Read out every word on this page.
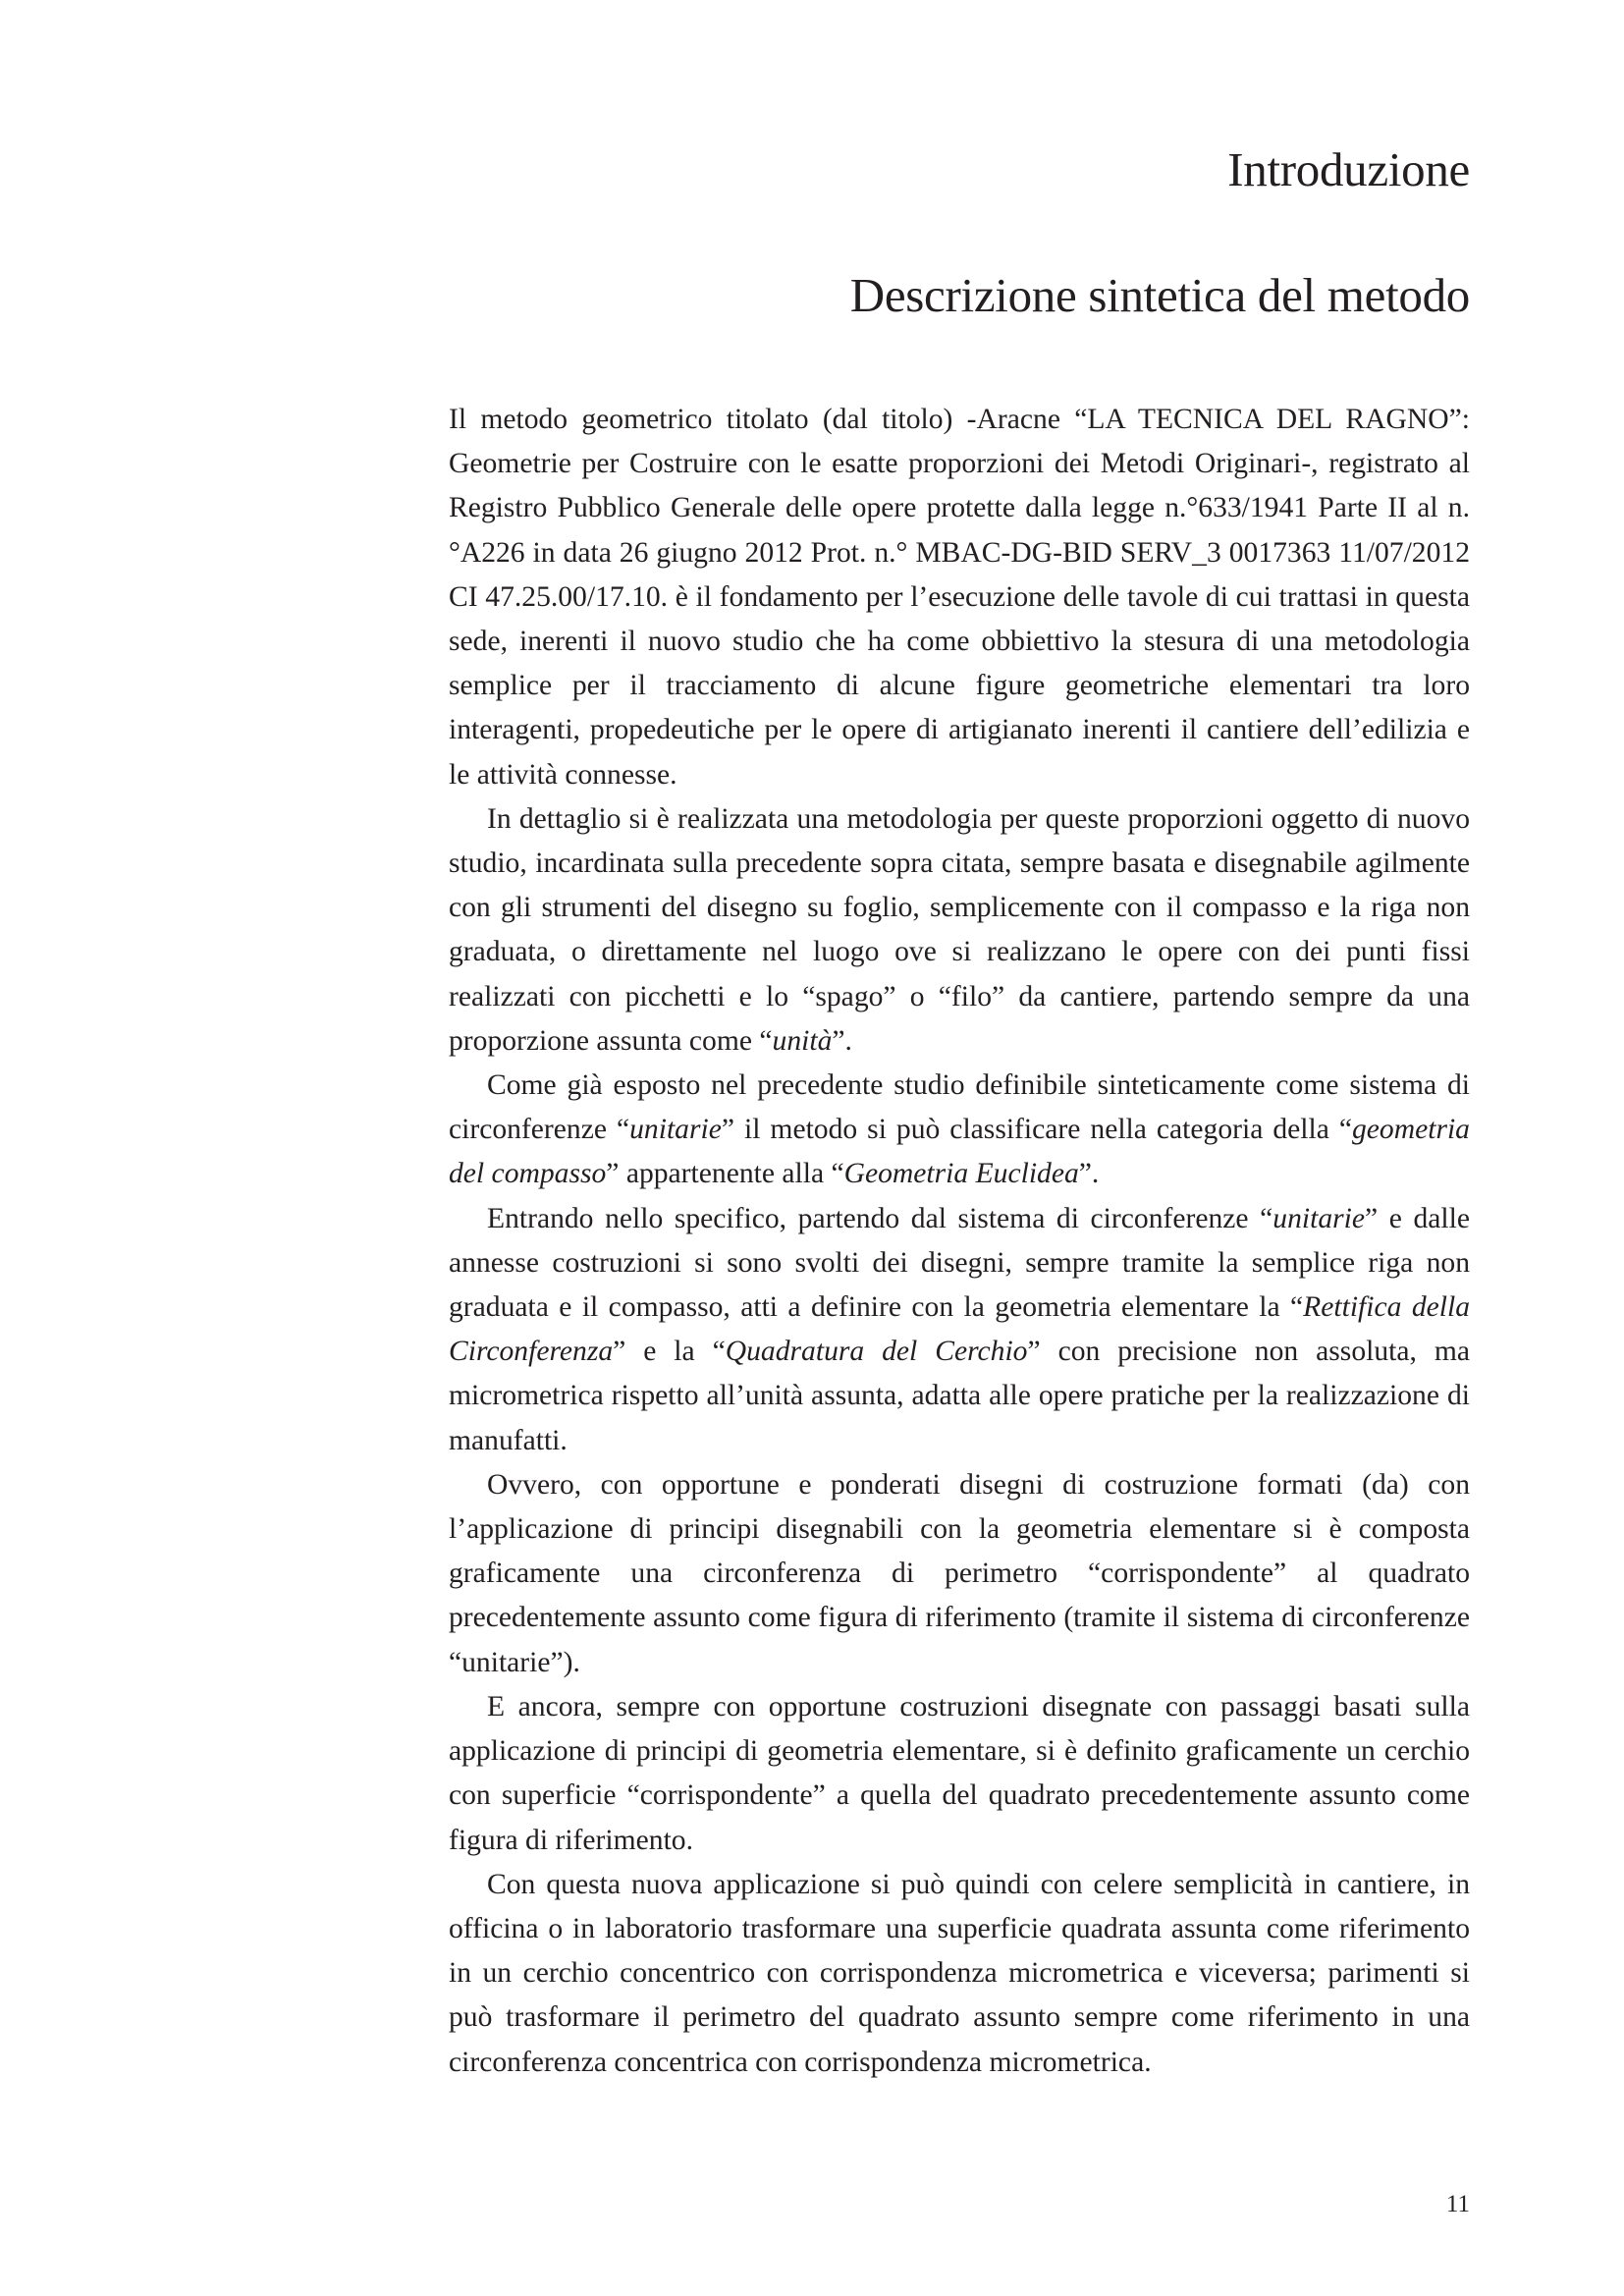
Introduzione
Descrizione sintetica del metodo

Il metodo geometrico titolato (dal titolo) -Aracne “LA TECNICA DEL RAGNO”: Geometrie per Costruire con le esatte proporzioni dei Metodi Originari-, registrato al Registro Pubblico Generale delle opere protette dalla legge n.°633/1941 Parte II al n.°A226 in data 26 giugno 2012 Prot. n.° MBAC-DG-BID SERV_3 0017363 11/07/2012 CI 47.25.00/17.10. è il fondamento per l’esecuzione delle tavole di cui trattasi in questa sede, inerenti il nuovo studio che ha come obbiettivo la stesura di una metodologia semplice per il tracciamento di alcune figure geometriche elementari tra loro interagenti, propedeutiche per le opere di artigianato inerenti il cantiere dell’edilizia e le attività connesse.

In dettaglio si è realizzata una metodologia per queste proporzioni oggetto di nuovo studio, incardinata sulla precedente sopra citata, sempre basata e disegnabile agilmente con gli strumenti del disegno su foglio, semplicemente con il compasso e la riga non graduata, o direttamente nel luogo ove si realizzano le opere con dei punti fissi realizzati con picchetti e lo “spago” o “filo” da cantiere, partendo sempre da una proporzione assunta come “unità”.

Come già esposto nel precedente studio definibile sinteticamente come sistema di circonferenze “unitarie” il metodo si può classificare nella categoria della “geometria del compasso” appartenente alla “Geometria Euclidea”.

Entrando nello specifico, partendo dal sistema di circonferenze “unitarie” e dalle annesse costruzioni si sono svolti dei disegni, sempre tramite la semplice riga non graduata e il compasso, atti a definire con la geometria elementare la “Rettifica della Circonferenza” e la “Quadratura del Cerchio” con precisione non assoluta, ma micrometrica rispetto all’unità assunta, adatta alle opere pratiche per la realizzazione di manufatti.

Ovvero, con opportune e ponderati disegni di costruzione formati (da) con l’applicazione di principi disegnabili con la geometria elementare si è composta graficamente una circonferenza di perimetro “corrispondente” al quadrato precedentemente assunto come figura di riferimento (tramite il sistema di circonferenze “unitarie”).

E ancora, sempre con opportune costruzioni disegnate con passaggi basati sulla applicazione di principi di geometria elementare, si è definito graficamente un cerchio con superficie “corrispondente” a quella del quadrato precedentemente assunto come figura di riferimento.

Con questa nuova applicazione si può quindi con celere semplicità in cantiere, in officina o in laboratorio trasformare una superficie quadrata assunta come riferimento in un cerchio concentrico con corrispondenza micrometrica e viceversa; parimenti si può trasformare il perimetro del quadrato assunto sempre come riferimento in una circonferenza concentrica con corrispondenza micrometrica.

11
